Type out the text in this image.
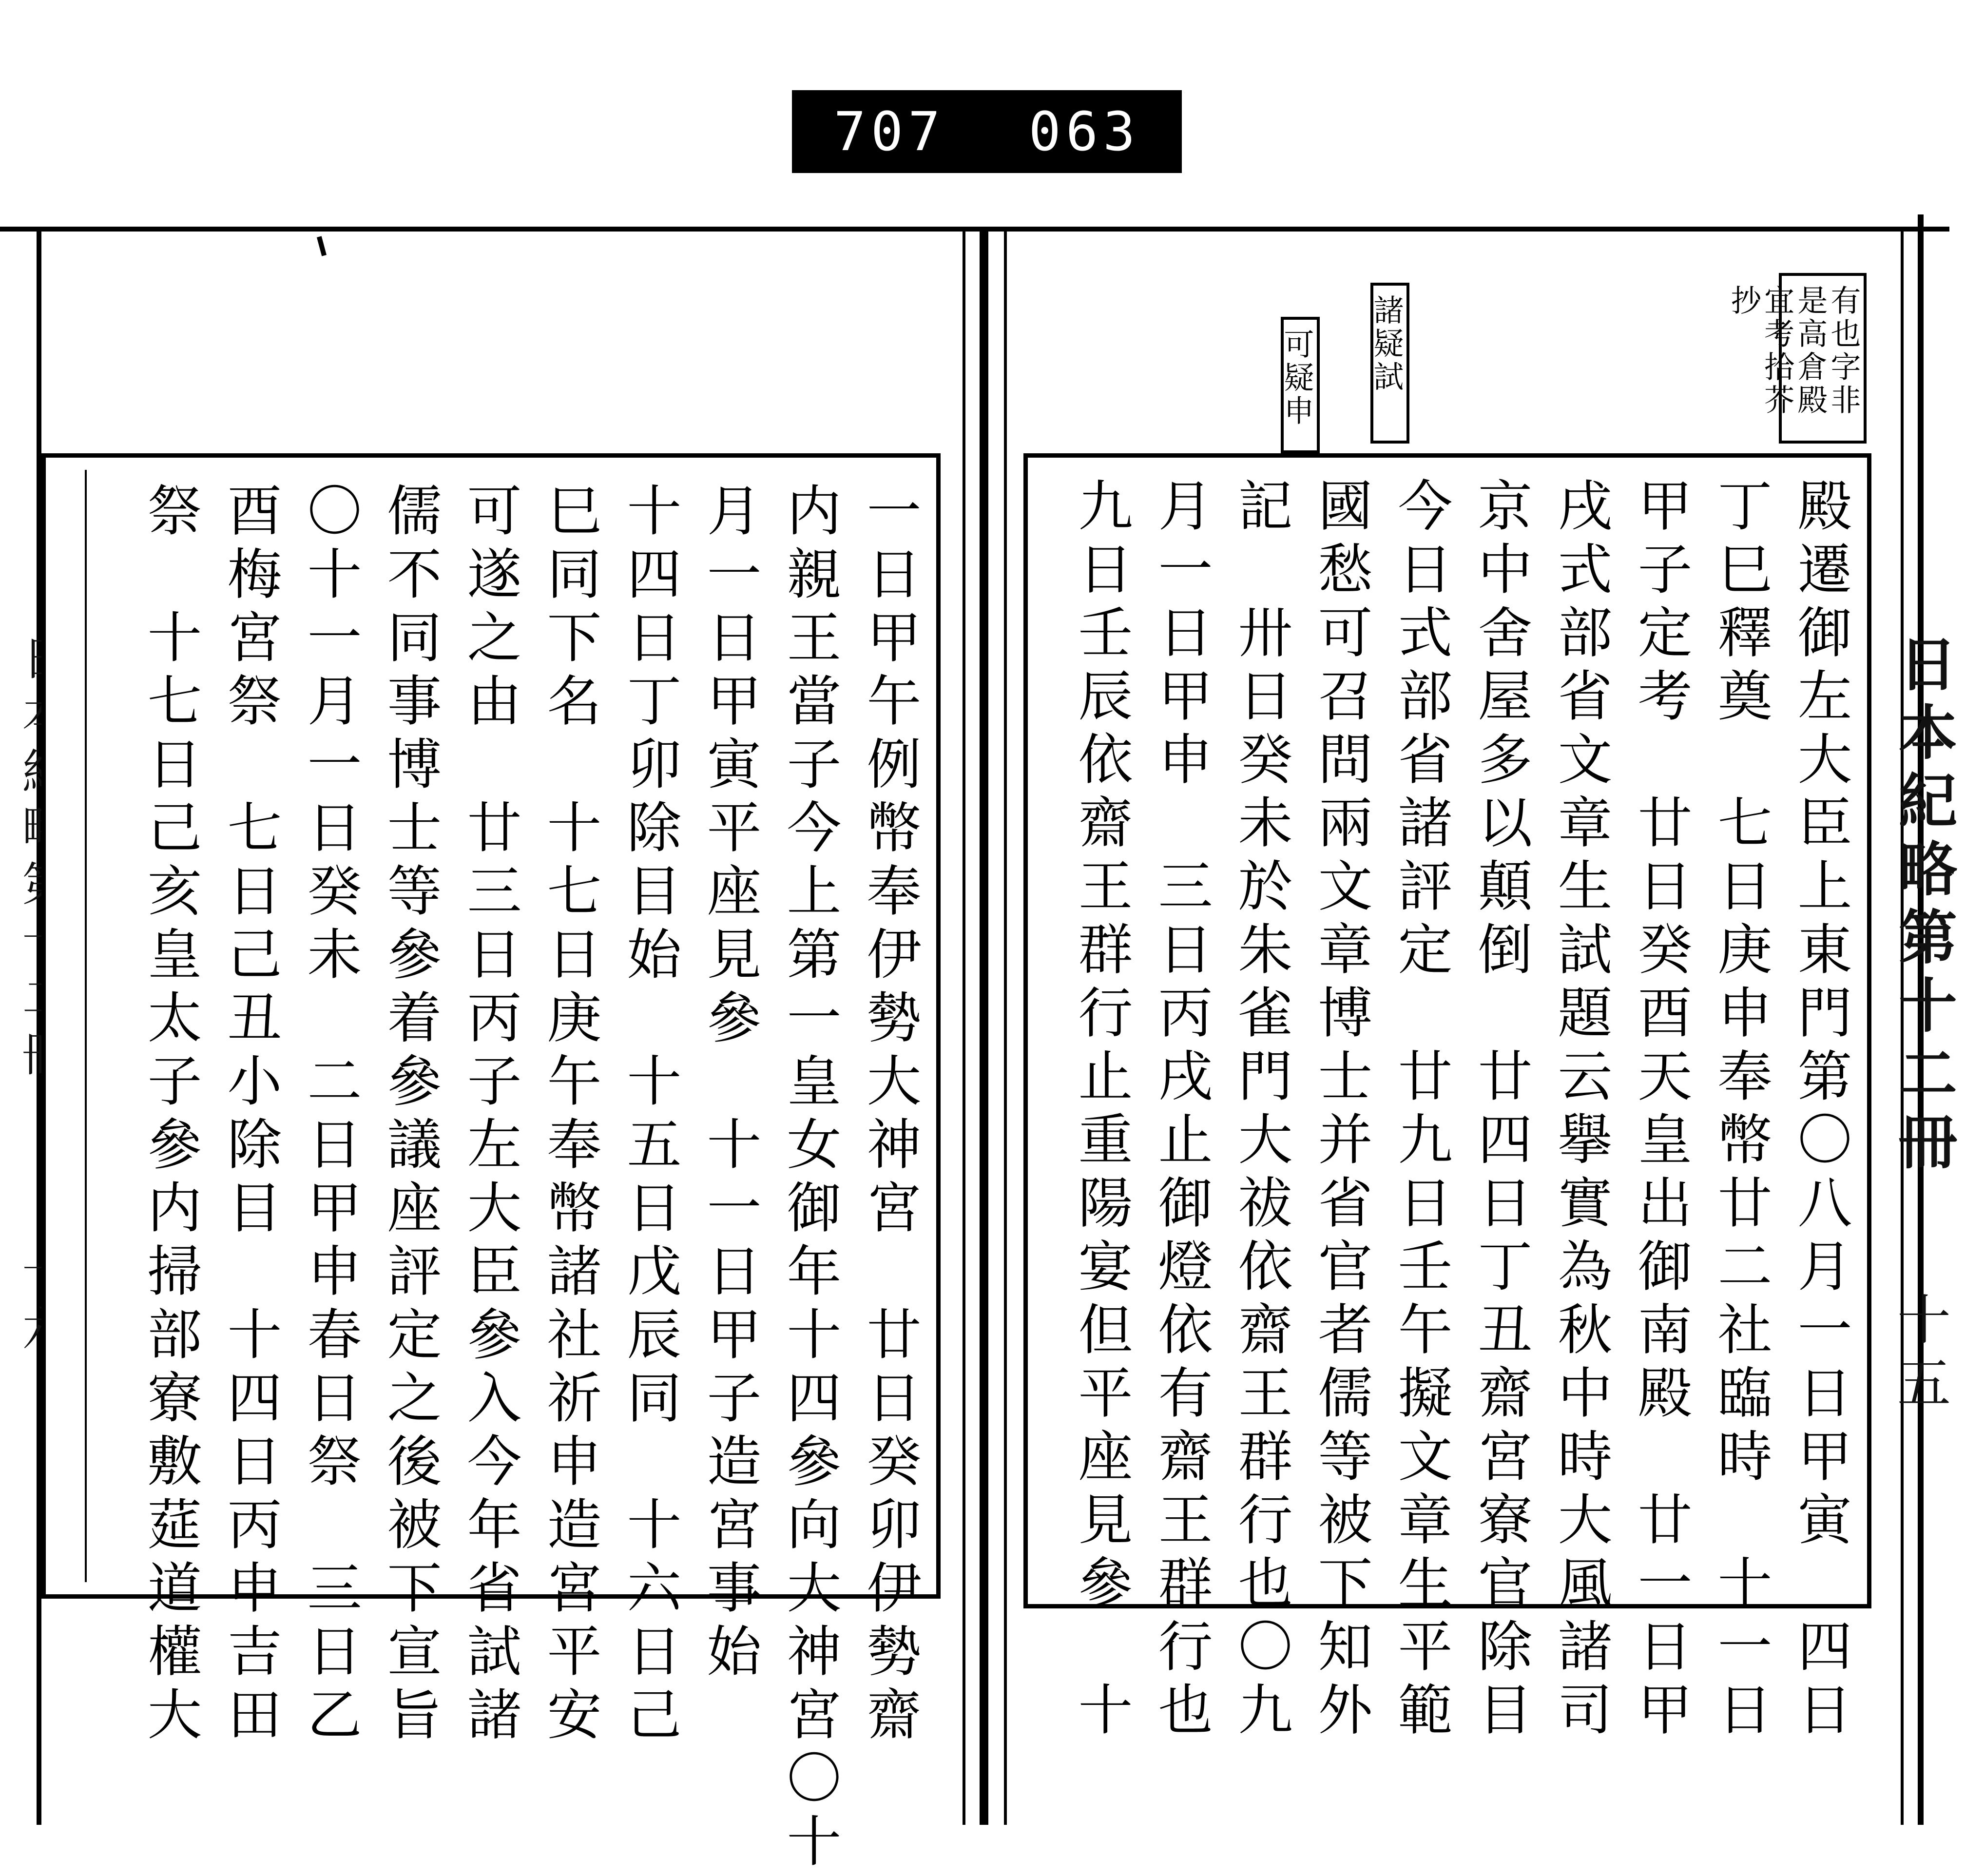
707 063
日本紀略第十二冊
十五
有也字非是高倉殿宜考拾芥抄
諸疑試
可疑申
殿遷御左大臣上東門第〇八月一日甲寅　四日
丁巳釋奠　七日庚申奉幣廿二社臨時　十一日
甲子定考　廿日癸酉天皇出御南殿　廿一日甲
戌式部省文章生試題云擧實為秋中時大風諸司
京中舍屋多以顛倒　廿四日丁丑齋宮寮官除目
今日式部省諸評定　廿九日壬午擬文章生平範
國愁可召問兩文章博士并省官者儒等被下知外
記　卅日癸未於朱雀門大祓依齋王群行也〇九
月一日甲申　三日丙戌止御燈依有齋王群行也
九日壬辰依齋王群行止重陽宴但平座見參　十
一日甲午例幣奉伊勢大神宮　廿日癸卯伊勢齋
内親王當子今上第一皇女御年十四參向大神宮〇十
月一日甲寅平座見參　十一日甲子造宮事始
十四日丁卯除目始　十五日戊辰同　十六日己
巳同下名　十七日庚午奉幣諸社祈申造宮平安
可遂之由　廿三日丙子左大臣參入今年省試諸
儒不同事博士等參着參議座評定之後被下宣旨
〇十一月一日癸未　二日甲申春日祭　三日乙
酉梅宮祭　七日己丑小除目　十四日丙申吉田
祭　十七日己亥皇太子參内掃部寮敷莚道權大
